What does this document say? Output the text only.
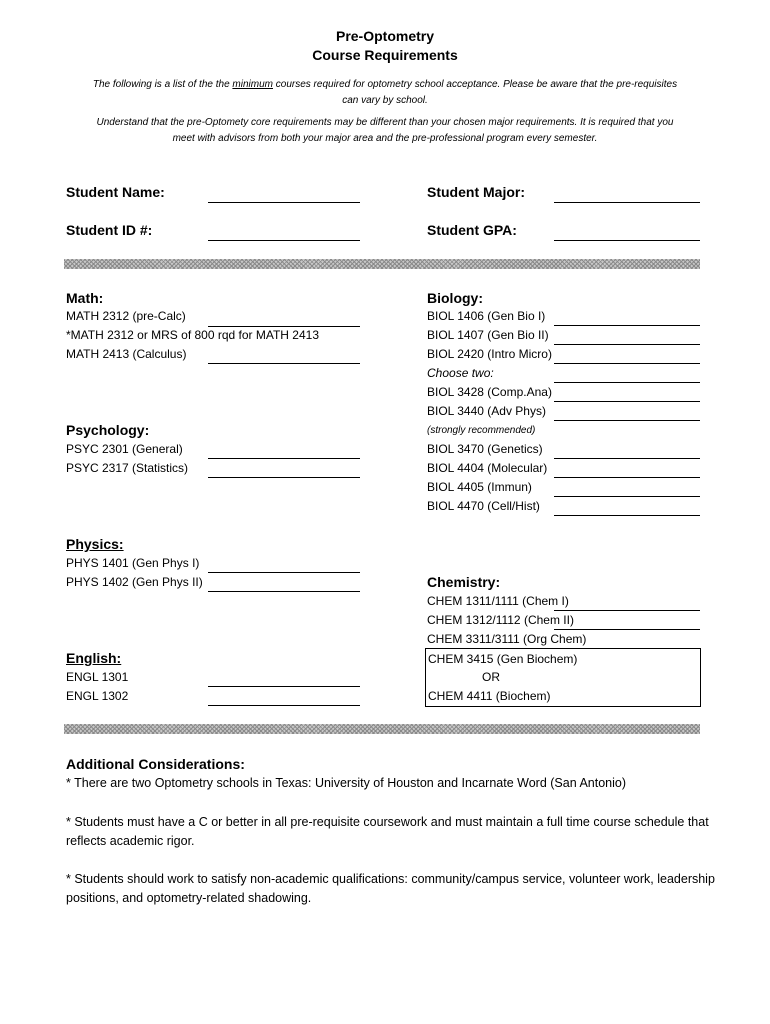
Pre-Optometry
Course Requirements
The following is a list of the the minimum courses required for optometry school acceptance. Please be aware that the pre-requisites
can vary by school.
Understand that the pre-Optomety core requirements may be different than your chosen major requirements. It is required that you
meet with advisors from both your major area and the pre-professional program every semester.
Student Name:	Student Major:
Student ID #:	Student GPA:
Math:
MATH 2312 (pre-Calc)
*MATH 2312 or MRS of 800 rqd for MATH 2413
MATH 2413 (Calculus)
Psychology:
PSYC 2301 (General)
PSYC 2317 (Statistics)
Physics:
PHYS 1401 (Gen Phys I)
PHYS 1402 (Gen Phys II)
English:
ENGL 1301
ENGL 1302
Biology:
BIOL 1406 (Gen Bio I)
BIOL 1407 (Gen Bio II)
BIOL 2420 (Intro Micro)
Choose two:
BIOL 3428 (Comp.Ana)
BIOL 3440 (Adv Phys)
(strongly recommended)
BIOL 3470 (Genetics)
BIOL 4404 (Molecular)
BIOL 4405 (Immun)
BIOL 4470 (Cell/Hist)
Chemistry:
CHEM 1311/1111 (Chem I)
CHEM 1312/1112 (Chem II)
CHEM 3311/3111 (Org Chem)
CHEM 3415 (Gen Biochem)
OR
CHEM 4411 (Biochem)
Additional Considerations:
* There are two Optometry schools in Texas: University of Houston and Incarnate Word (San Antonio)
* Students must have a C or better in all pre-requisite coursework and must maintain a full time course schedule that reflects academic rigor.
* Students should work to satisfy non-academic qualifications: community/campus service, volunteer work, leadership positions, and optometry-related shadowing.
